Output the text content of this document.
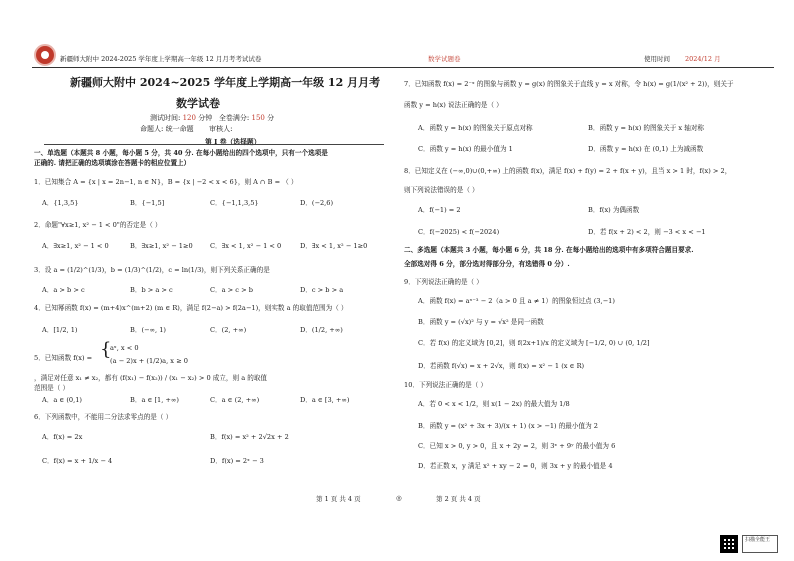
新疆师大附中 2024-2025 学年度上学期高一年级 12 月月考考试试卷	数学试题卷	使用时间 2024/12 月
新疆师大附中 2024~2025 学年度上学期高一年级 12 月月考
数学试卷
测试时间: 120 分钟 全卷满分: 150 分
命题人: 统一命题 审核人:
第 I 卷（选择题）
一、单选题（本题共 8 小题，每小题 5 分，共 40 分. 在每小题给出的四个选项中，只有一个选项是
正确的. 请把正确的选项填涂在答题卡的相应位置上）
1．已知集合 A = {x | x = 2n−1, n ∈ N}，B = {x | −2 < x < 6}，则 A ∩ B = （ ）
A．{1,3,5}	B．{−1,5]	C．{−1,1,3,5}	D．(−2,6)
2．命题"∀x≥1, x² − 1 < 0"的否定是（ ）
A．∃x≥1, x² − 1 < 0	B．∃x≥1, x² − 1≥0	C．∃x < 1, x² − 1 < 0	D．∃x < 1, x² − 1≥0
3．设 a = (1/2)^(1/3)，b = (1/3)^(1/2)，c = ln(1/3)，则下列关系正确的是
A．a > b > c	B．b > a > c	C．a > c > b	D．c > b > a
4．已知幂函数 f(x) = (m+4)x^(m+2) (m ∈ R)，满足 f(2−a) > f(2a−1)，则实数 a 的取值范围为（ ）
A．[1/2, 1)	B．(−∞, 1)	C．(2, +∞)	D．(1/2, +∞)
5．已知函数 f(x) = {
aˣ, x < 0
(a − 2)x + (1/2)a, x ≥ 0
，满足对任意 x₁ ≠ x₂，都有 (f(x₁) − f(x₂)) / (x₁ − x₂) > 0 成立，则 a 的取值
范围是（ ）
A．a ∈ (0,1)	B．a ∈ [1, +∞)	C．a ∈ (2, +∞)	D．a ∈ [3, +∞)
6．下列函数中，不能用二分法求零点的是（ ）
A．f(x) = 2x	B．f(x) = x² + 2√2x + 2
C．f(x) = x + 1/x − 4	D．f(x) = 2ˣ − 3
7．已知函数 f(x) = 2⁻ˣ 的图象与函数 y = g(x) 的图象关于直线 y = x 对称，令 h(x) = g(1/(x² + 2))，则关于
函数 y = h(x) 说法正确的是（ ）
A．函数 y = h(x) 的图象关于原点对称	B．函数 y = h(x) 的图象关于 x 轴对称
C．函数 y = h(x) 的最小值为 1	D．函数 y = h(x) 在 (0,1) 上为减函数
8．已知定义在 (−∞,0)∪(0,+∞) 上的函数 f(x)，满足 f(x) + f(y) = 2 + f(x + y)，且当 x > 1 时，f(x) > 2，
则下列说法错误的是（ ）
A．f(−1) = 2	B．f(x) 为偶函数
C．f(−2025) < f(−2024)	D．若 f(x + 2) < 2，则 −3 < x < −1
二、多选题（本题共 3 小题，每小题 6 分，共 18 分. 在每小题给出的选项中有多项符合题目要求.
全部选对得 6 分，部分选对得部分分，有选错得 0 分）.
9．下列说法正确的是（ ）
A．函数 f(x) = aˣ⁻³ − 2（a > 0 且 a ≠ 1）的图象恒过点 (3,−1)
B．函数 y = (√x)² 与 y = √x² 是同一函数
C．若 f(x) 的定义域为 [0,2]，则 f(2x+1)/x 的定义域为 [−1/2, 0) ∪ (0, 1/2]
D．若函数 f(√x) = x + 2√x，则 f(x) = x² − 1 (x ∈ R)
10．下列说法正确的是（ ）
A．若 0 < x < 1/2，则 x(1 − 2x) 的最大值为 1/8
B．函数 y = (x² + 3x + 3)/(x + 1) (x > −1) 的最小值为 2
C．已知 x > 0, y > 0，且 x + 2y = 2，则 3ˣ + 9ʸ 的最小值为 6
D．若正数 x，y 满足 x² + xy − 2 = 0，则 3x + y 的最小值是 4
第 1 页 共 4 页	◎	第 2 页 共 4 页
扫描全能王
